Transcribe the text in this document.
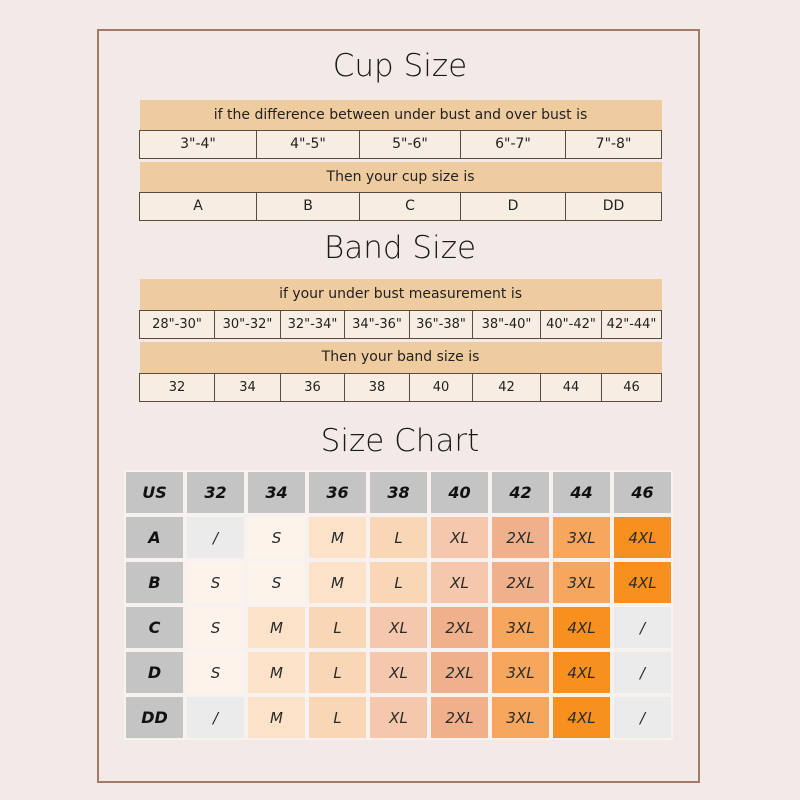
Cup Size
if the difference between under bust and over bust is				
3"-4"	4"-5"	5"-6"	6"-7"	7"-8"

Then your cup size is				
A	B	C	D	DD
Band Size
if your under bust measurement is							
28"-30"	30"-32"	32"-34"	34"-36"	36"-38"	38"-40"	40"-42"	42"-44"

Then your band size is							
32	34	36	38	40	42	44	46
Size Chart
US	32	34	36	38	40	42	44	46
A	/	S	M	L	XL	2XL	3XL	4XL
B	S	S	M	L	XL	2XL	3XL	4XL
C	S	M	L	XL	2XL	3XL	4XL	/
D	S	M	L	XL	2XL	3XL	4XL	/
DD	/	M	L	XL	2XL	3XL	4XL	/
